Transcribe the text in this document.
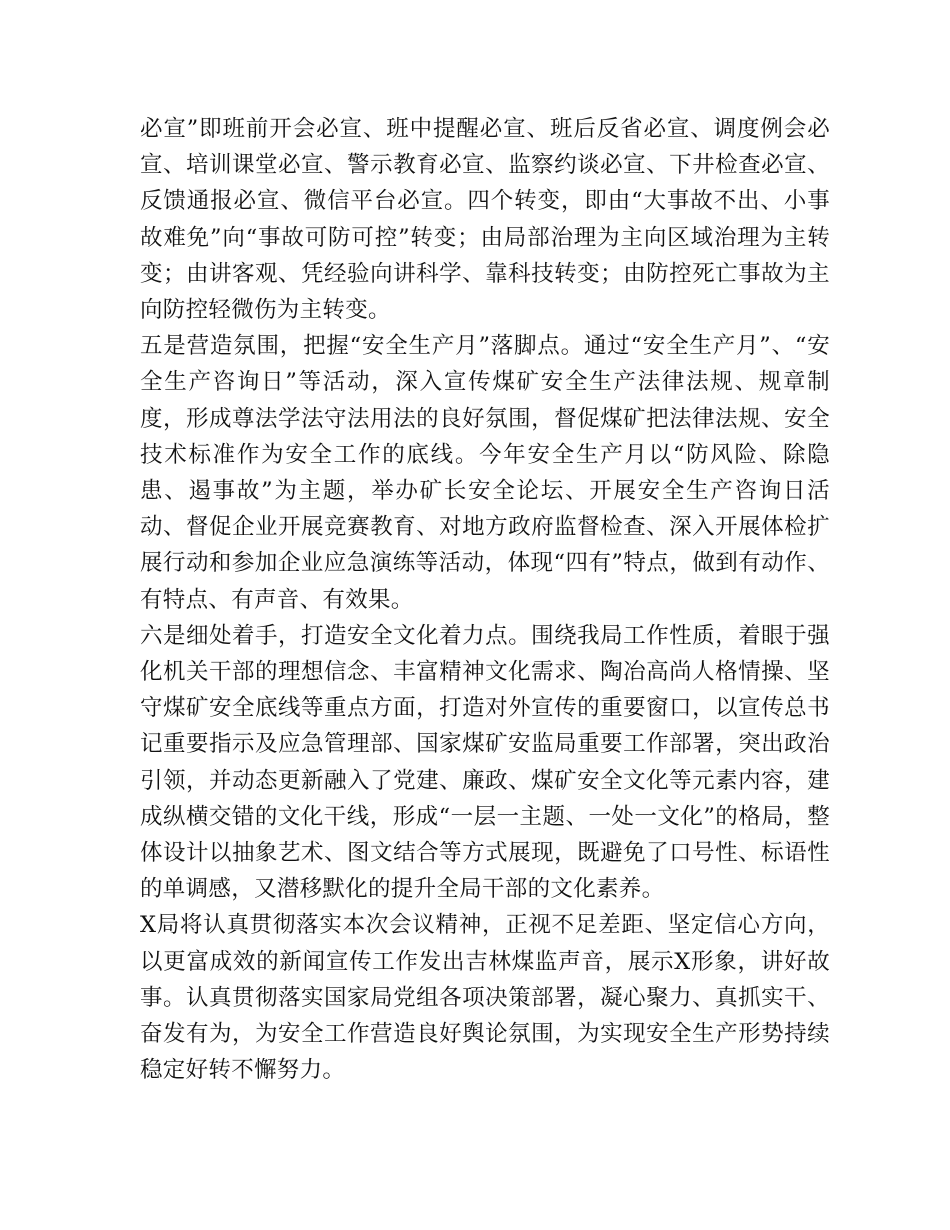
必宣”即班前开会必宣、班中提醒必宣、班后反省必宣、调度例会必宣、培训课堂必宣、警示教育必宣、监察约谈必宣、下井检查必宣、反馈通报必宣、微信平台必宣。四个转变，即由“大事故不出、小事故难免”向“事故可防可控”转变；由局部治理为主向区域治理为主转变；由讲客观、凭经验向讲科学、靠科技转变；由防控死亡事故为主向防控轻微伤为主转变。

五是营造氛围，把握“安全生产月”落脚点。通过“安全生产月”、“安全生产咨询日”等活动，深入宣传煤矿安全生产法律法规、规章制度，形成尊法学法守法用法的良好氛围，督促煤矿把法律法规、安全技术标准作为安全工作的底线。今年安全生产月以“防风险、除隐患、遏事故”为主题，举办矿长安全论坛、开展安全生产咨询日活动、督促企业开展竞赛教育、对地方政府监督检查、深入开展体检扩展行动和参加企业应急演练等活动，体现“四有”特点，做到有动作、有特点、有声音、有效果。

六是细处着手，打造安全文化着力点。围绕我局工作性质，着眼于强化机关干部的理想信念、丰富精神文化需求、陶冶高尚人格情操、坚守煤矿安全底线等重点方面，打造对外宣传的重要窗口，以宣传总书记重要指示及应急管理部、国家煤矿安监局重要工作部署，突出政治引领，并动态更新融入了党建、廉政、煤矿安全文化等元素内容，建成纵横交错的文化干线，形成“一层一主题、一处一文化”的格局，整体设计以抽象艺术、图文结合等方式展现，既避免了口号性、标语性的单调感，又潜移默化的提升全局干部的文化素养。

X局将认真贯彻落实本次会议精神，正视不足差距、坚定信心方向，以更富成效的新闻宣传工作发出吉林煤监声音，展示X形象，讲好故事。认真贯彻落实国家局党组各项决策部署，凝心聚力、真抓实干、奋发有为，为安全工作营造良好舆论氛围，为实现安全生产形势持续稳定好转不懈努力。
